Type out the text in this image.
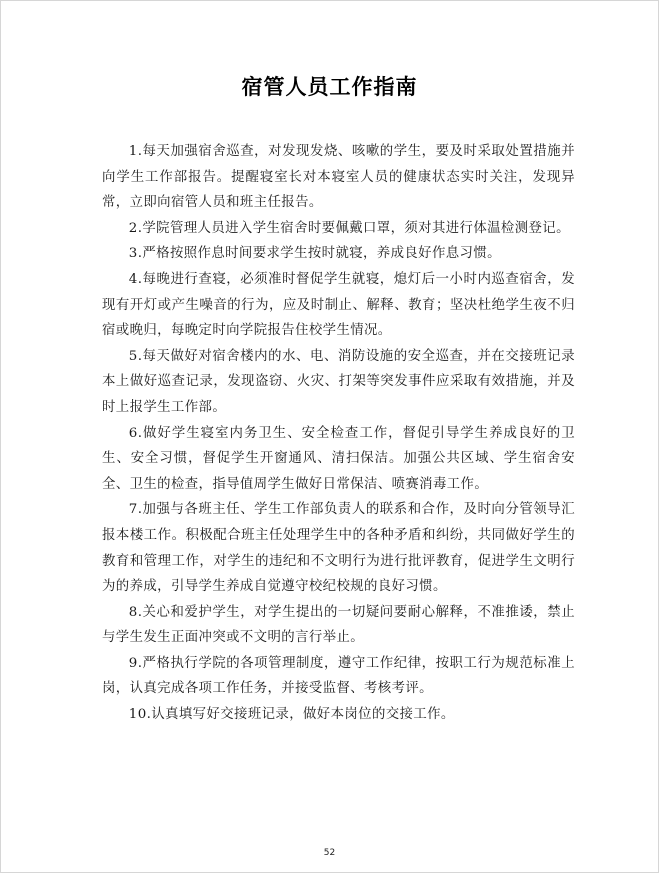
宿管人员工作指南

1.每天加强宿舍巡查，对发现发烧、咳嗽的学生，要及时采取处置措施并向学生工作部报告。提醒寝室长对本寝室人员的健康状态实时关注，发现异常，立即向宿管人员和班主任报告。

2.学院管理人员进入学生宿舍时要佩戴口罩，须对其进行体温检测登记。

3.严格按照作息时间要求学生按时就寝，养成良好作息习惯。

4.每晚进行查寝，必须准时督促学生就寝，熄灯后一小时内巡查宿舍，发现有开灯或产生噪音的行为，应及时制止、解释、教育；坚决杜绝学生夜不归宿或晚归，每晚定时向学院报告住校学生情况。

5.每天做好对宿舍楼内的水、电、消防设施的安全巡查，并在交接班记录本上做好巡查记录，发现盗窃、火灾、打架等突发事件应采取有效措施，并及时上报学生工作部。

6.做好学生寝室内务卫生、安全检查工作，督促引导学生养成良好的卫生、安全习惯，督促学生开窗通风、清扫保洁。加强公共区域、学生宿舍安全、卫生的检查，指导值周学生做好日常保洁、喷赛消毒工作。

7.加强与各班主任、学生工作部负责人的联系和合作，及时向分管领导汇报本楼工作。积极配合班主任处理学生中的各种矛盾和纠纷，共同做好学生的教育和管理工作，对学生的违纪和不文明行为进行批评教育，促进学生文明行为的养成，引导学生养成自觉遵守校纪校规的良好习惯。

8.关心和爱护学生，对学生提出的一切疑问要耐心解释，不准推诿，禁止与学生发生正面冲突或不文明的言行举止。

9.严格执行学院的各项管理制度，遵守工作纪律，按职工行为规范标准上岗，认真完成各项工作任务，并接受监督、考核考评。

10.认真填写好交接班记录，做好本岗位的交接工作。

52
